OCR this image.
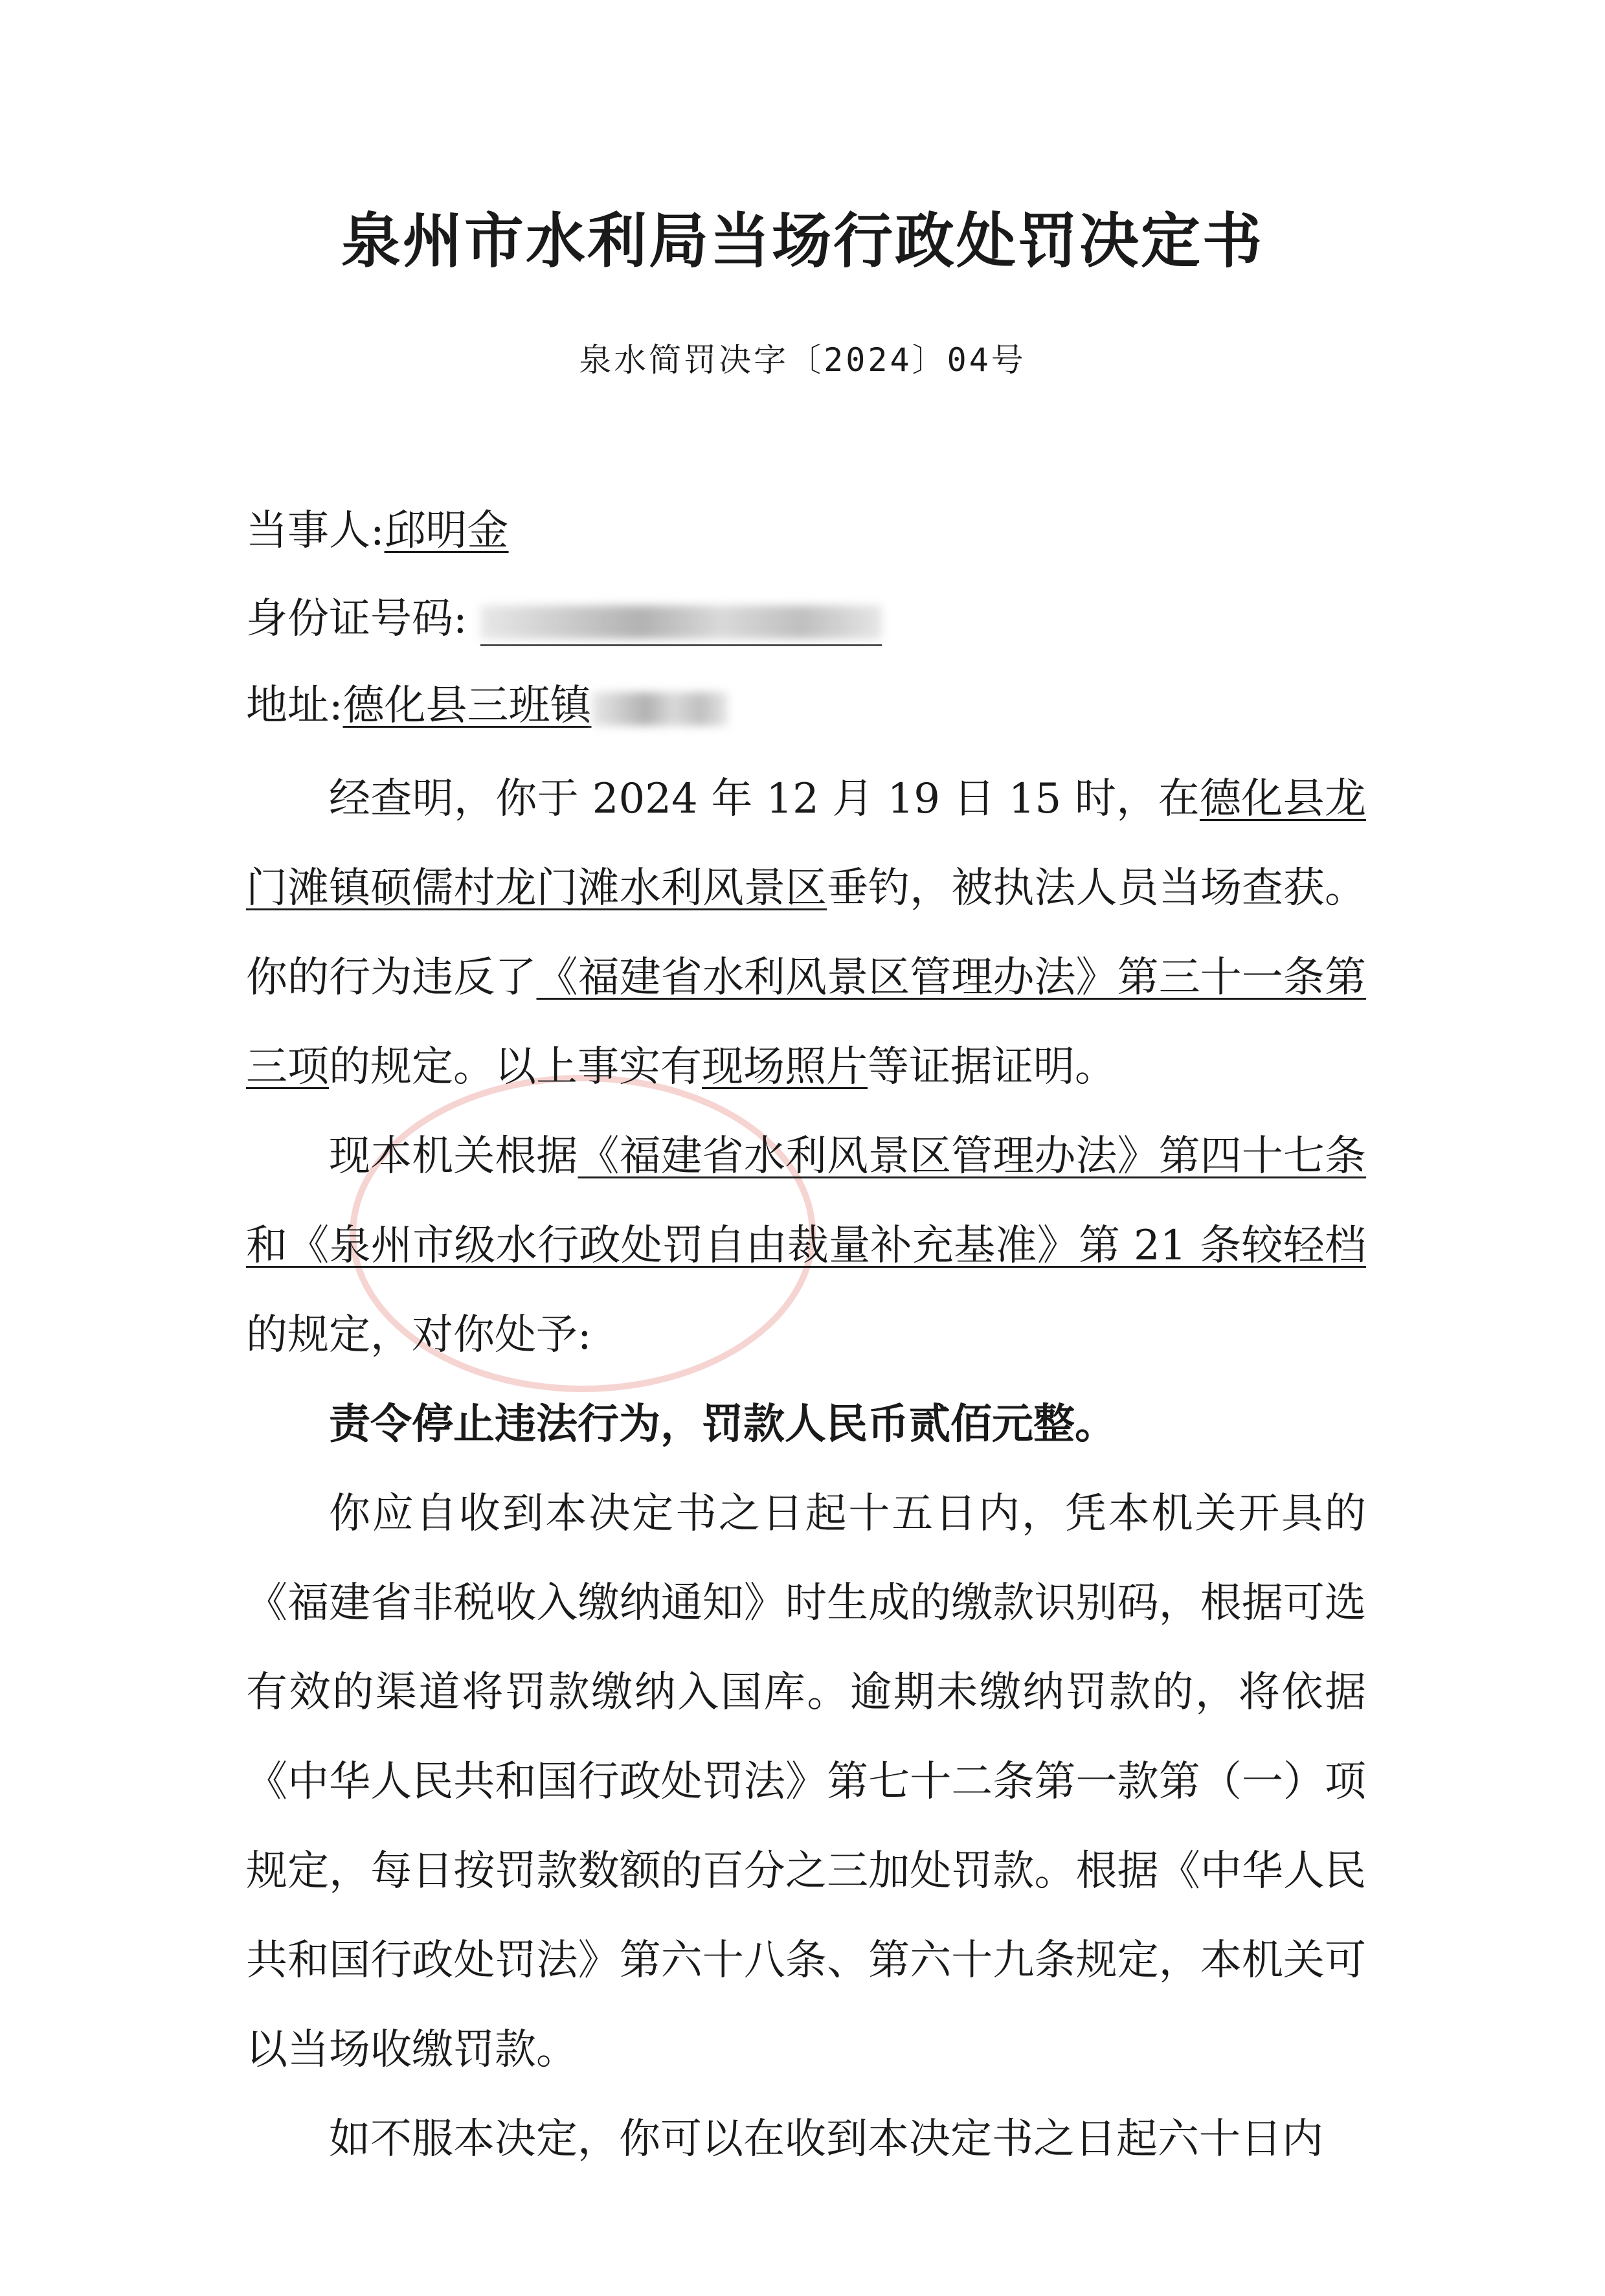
泉州市水利局当场行政处罚决定书
泉水简罚决字〔2024〕04号
当事人:邱明金
身份证号码:
地址:德化县三班镇

经查明，你于 2024 年 12 月 19 日 15 时，在德化县龙门滩镇硕儒村龙门滩水利风景区垂钓，被执法人员当场查获。你的行为违反了《福建省水利风景区管理办法》第三十一条第三项的规定。以上事实有现场照片等证据证明。

现本机关根据《福建省水利风景区管理办法》第四十七条和《泉州市级水行政处罚自由裁量补充基准》第 21 条较轻档的规定，对你处予:

责令停止违法行为，罚款人民币贰佰元整。

你应自收到本决定书之日起十五日内，凭本机关开具的《福建省非税收入缴纳通知》时生成的缴款识别码，根据可选有效的渠道将罚款缴纳入国库。逾期未缴纳罚款的，将依据《中华人民共和国行政处罚法》第七十二条第一款第（一）项规定，每日按罚款数额的百分之三加处罚款。根据《中华人民共和国行政处罚法》第六十八条、第六十九条规定，本机关可以当场收缴罚款。

如不服本决定，你可以在收到本决定书之日起六十日内
